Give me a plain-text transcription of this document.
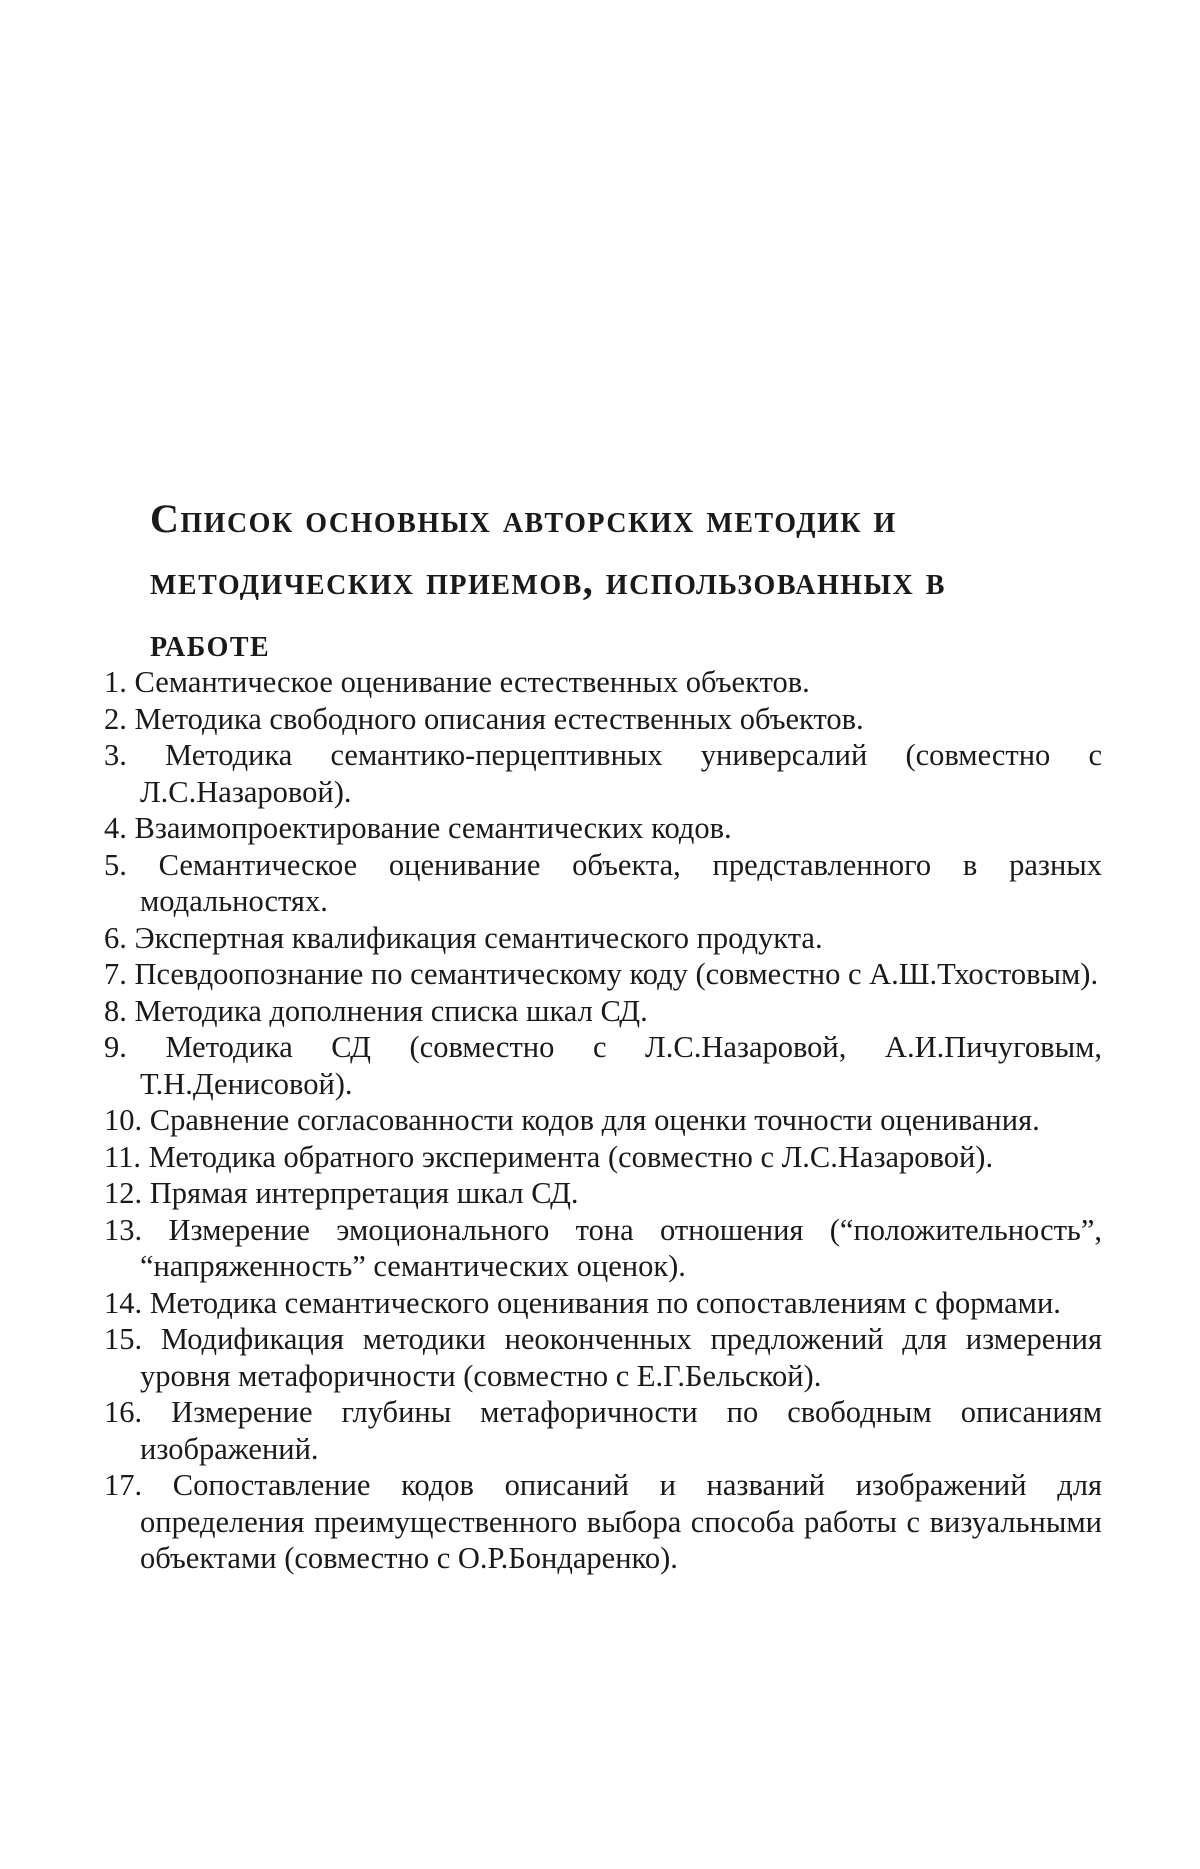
Список основных авторских методик и
методических приемов, использованных в
работе
1. Семантическое оценивание естественных объектов.
2. Методика свободного описания естественных объектов.
3. Методика семантико-перцептивных универсалий (совместно с Л.С.Назаровой).
4. Взаимопроектирование семантических кодов.
5. Семантическое оценивание объекта, представленного в разных модальностях.
6. Экспертная квалификация семантического продукта.
7. Псевдоопознание по семантическому коду (совместно с А.Ш.Тхостовым).
8. Методика дополнения списка шкал СД.
9. Методика СД (совместно с Л.С.Назаровой, А.И.Пичуговым, Т.Н.Денисовой).
10. Сравнение согласованности кодов для оценки точности оценивания.
11. Методика обратного эксперимента (совместно с Л.С.Назаровой).
12. Прямая интерпретация шкал СД.
13. Измерение эмоционального тона отношения (“положительность”, “напряженность” семантических оценок).
14. Методика семантического оценивания по сопоставлениям с формами.
15. Модификация методики неоконченных предложений для измерения уровня метафоричности (совместно с Е.Г.Бельской).
16. Измерение глубины метафоричности по свободным описаниям изображений.
17. Сопоставление кодов описаний и названий изображений для определения преимущественного выбора способа работы с визуальными объектами (совместно с О.Р.Бондаренко).
